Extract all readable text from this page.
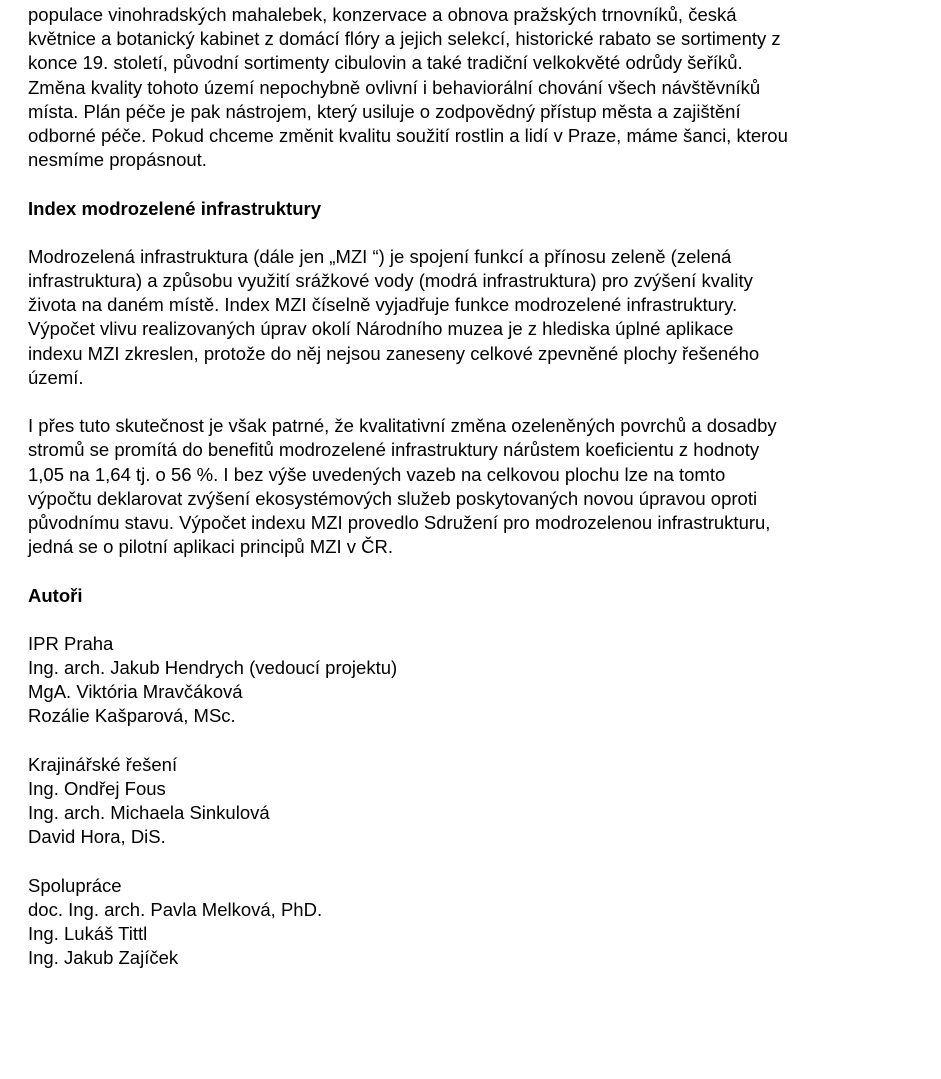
populace vinohradských mahalebek, konzervace a obnova pražských trnovníků, česká
květnice a botanický kabinet z domácí flóry a jejich selekcí, historické rabato se sortimenty z
konce 19. století, původní sortimenty cibulovin a také tradiční velkokvěté odrůdy šeříků.
Změna kvality tohoto území nepochybně ovlivní i behaviorální chování všech návštěvníků
místa. Plán péče je pak nástrojem, který usiluje o zodpovědný přístup města a zajištění
odborné péče. Pokud chceme změnit kvalitu soužití rostlin a lidí v Praze, máme šanci, kterou
nesmíme propásnout.
Index modrozelené infrastruktury
Modrozelená infrastruktura (dále jen „MZI “) je spojení funkcí a přínosu zeleně (zelená
infrastruktura) a způsobu využití srážkové vody (modrá infrastruktura) pro zvýšení kvality
života na daném místě. Index MZI číselně vyjadřuje funkce modrozelené infrastruktury.
Výpočet vlivu realizovaných úprav okolí Národního muzea je z hlediska úplné aplikace
indexu MZI zkreslen, protože do něj nejsou zaneseny celkové zpevněné plochy řešeného
území.
I přes tuto skutečnost je však patrné, že kvalitativní změna ozeleněných povrchů a dosadby
stromů se promítá do benefitů modrozelené infrastruktury nárůstem koeficientu z hodnoty
1,05 na 1,64 tj. o 56 %. I bez výše uvedených vazeb na celkovou plochu lze na tomto
výpočtu deklarovat zvýšení ekosystémových služeb poskytovaných novou úpravou oproti
původnímu stavu. Výpočet indexu MZI provedlo Sdružení pro modrozelenou infrastrukturu,
jedná se o pilotní aplikaci principů MZI v ČR.
Autoři
IPR Praha
Ing. arch. Jakub Hendrych (vedoucí projektu)
MgA. Viktória Mravčáková
Rozálie Kašparová, MSc.
Krajinářské řešení
Ing. Ondřej Fous
Ing. arch. Michaela Sinkulová
David Hora, DiS.
Spolupráce
doc. Ing. arch. Pavla Melková, PhD.
Ing. Lukáš Tittl
Ing. Jakub Zajíček
